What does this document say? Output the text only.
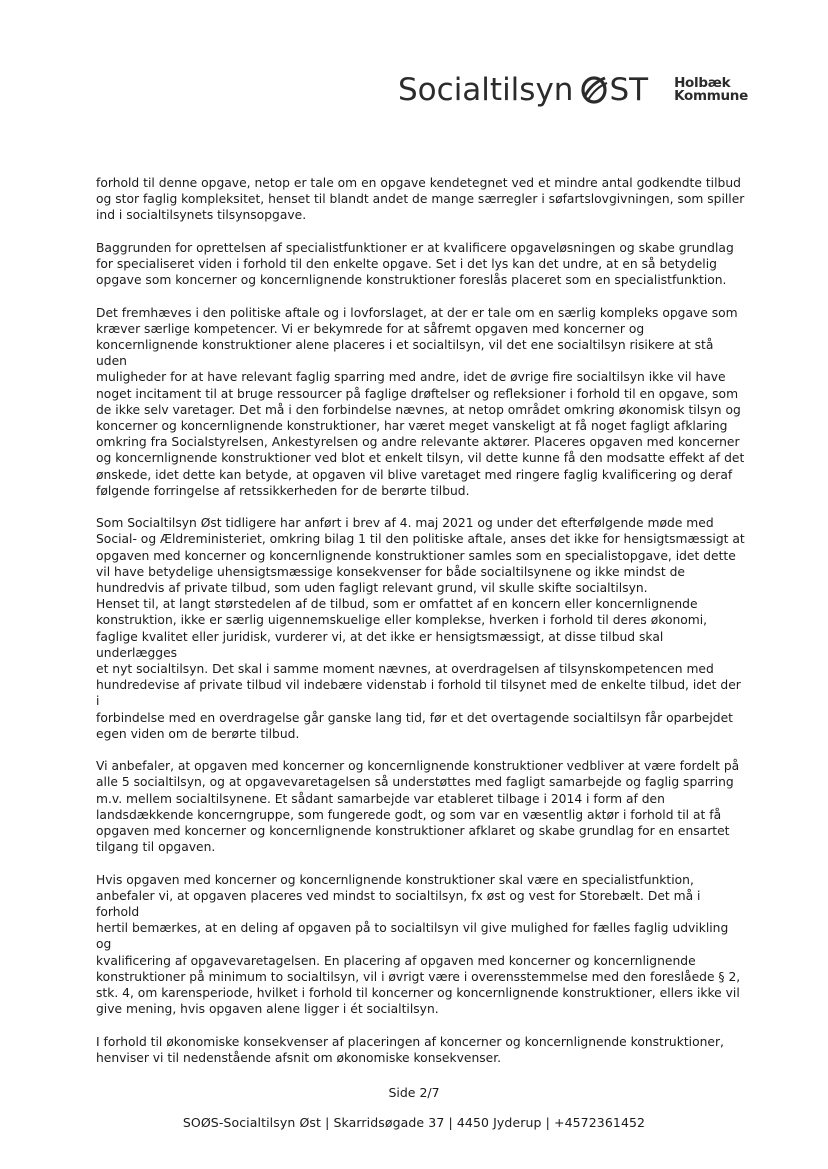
Socialtilsyn ST Holbæk
Kommune

forhold til denne opgave, netop er tale om en opgave kendetegnet ved et mindre antal godkendte tilbud
og stor faglig kompleksitet, henset til blandt andet de mange særregler i søfartslovgivningen, som spiller
ind i socialtilsynets tilsynsopgave.

Baggrunden for oprettelsen af specialistfunktioner er at kvalificere opgaveløsningen og skabe grundlag
for specialiseret viden i forhold til den enkelte opgave. Set i det lys kan det undre, at en så betydelig
opgave som koncerner og koncernlignende konstruktioner foreslås placeret som en specialistfunktion.

Det fremhæves i den politiske aftale og i lovforslaget, at der er tale om en særlig kompleks opgave som
kræver særlige kompetencer. Vi er bekymrede for at såfremt opgaven med koncerner og
koncernlignende konstruktioner alene placeres i et socialtilsyn, vil det ene socialtilsyn risikere at stå uden
muligheder for at have relevant faglig sparring med andre, idet de øvrige fire socialtilsyn ikke vil have
noget incitament til at bruge ressourcer på faglige drøftelser og refleksioner i forhold til en opgave, som
de ikke selv varetager. Det må i den forbindelse nævnes, at netop området omkring økonomisk tilsyn og
koncerner og koncernlignende konstruktioner, har været meget vanskeligt at få noget fagligt afklaring
omkring fra Socialstyrelsen, Ankestyrelsen og andre relevante aktører. Placeres opgaven med koncerner
og koncernlignende konstruktioner ved blot et enkelt tilsyn, vil dette kunne få den modsatte effekt af det
ønskede, idet dette kan betyde, at opgaven vil blive varetaget med ringere faglig kvalificering og deraf
følgende forringelse af retssikkerheden for de berørte tilbud.

Som Socialtilsyn Øst tidligere har anført i brev af 4. maj 2021 og under det efterfølgende møde med
Social- og Ældreministeriet, omkring bilag 1 til den politiske aftale, anses det ikke for hensigtsmæssigt at
opgaven med koncerner og koncernlignende konstruktioner samles som en specialistopgave, idet dette
vil have betydelige uhensigtsmæssige konsekvenser for både socialtilsynene og ikke mindst de
hundredvis af private tilbud, som uden fagligt relevant grund, vil skulle skifte socialtilsyn.
Henset til, at langt størstedelen af de tilbud, som er omfattet af en koncern eller koncernlignende
konstruktion, ikke er særlig uigennemskuelige eller komplekse, hverken i forhold til deres økonomi,
faglige kvalitet eller juridisk, vurderer vi, at det ikke er hensigtsmæssigt, at disse tilbud skal underlægges
et nyt socialtilsyn. Det skal i samme moment nævnes, at overdragelsen af tilsynskompetencen med
hundredevise af private tilbud vil indebære videnstab i forhold til tilsynet med de enkelte tilbud, idet der i
forbindelse med en overdragelse går ganske lang tid, før et det overtagende socialtilsyn får oparbejdet
egen viden om de berørte tilbud.

Vi anbefaler, at opgaven med koncerner og koncernlignende konstruktioner vedbliver at være fordelt på
alle 5 socialtilsyn, og at opgavevaretagelsen så understøttes med fagligt samarbejde og faglig sparring
m.v. mellem socialtilsynene. Et sådant samarbejde var etableret tilbage i 2014 i form af den
landsdækkende koncerngruppe, som fungerede godt, og som var en væsentlig aktør i forhold til at få
opgaven med koncerner og koncernlignende konstruktioner afklaret og skabe grundlag for en ensartet
tilgang til opgaven.

Hvis opgaven med koncerner og koncernlignende konstruktioner skal være en specialistfunktion,
anbefaler vi, at opgaven placeres ved mindst to socialtilsyn, fx øst og vest for Storebælt. Det må i forhold
hertil bemærkes, at en deling af opgaven på to socialtilsyn vil give mulighed for fælles faglig udvikling og
kvalificering af opgavevaretagelsen. En placering af opgaven med koncerner og koncernlignende
konstruktioner på minimum to socialtilsyn, vil i øvrigt være i overensstemmelse med den foreslåede § 2,
stk. 4, om karensperiode, hvilket i forhold til koncerner og koncernlignende konstruktioner, ellers ikke vil
give mening, hvis opgaven alene ligger i ét socialtilsyn.

I forhold til økonomiske konsekvenser af placeringen af koncerner og koncernlignende konstruktioner,
henviser vi til nedenstående afsnit om økonomiske konsekvenser.

Side 2/7
SOØS-Socialtilsyn Øst | Skarridsøgade 37 | 4450 Jyderup | +4572361452
